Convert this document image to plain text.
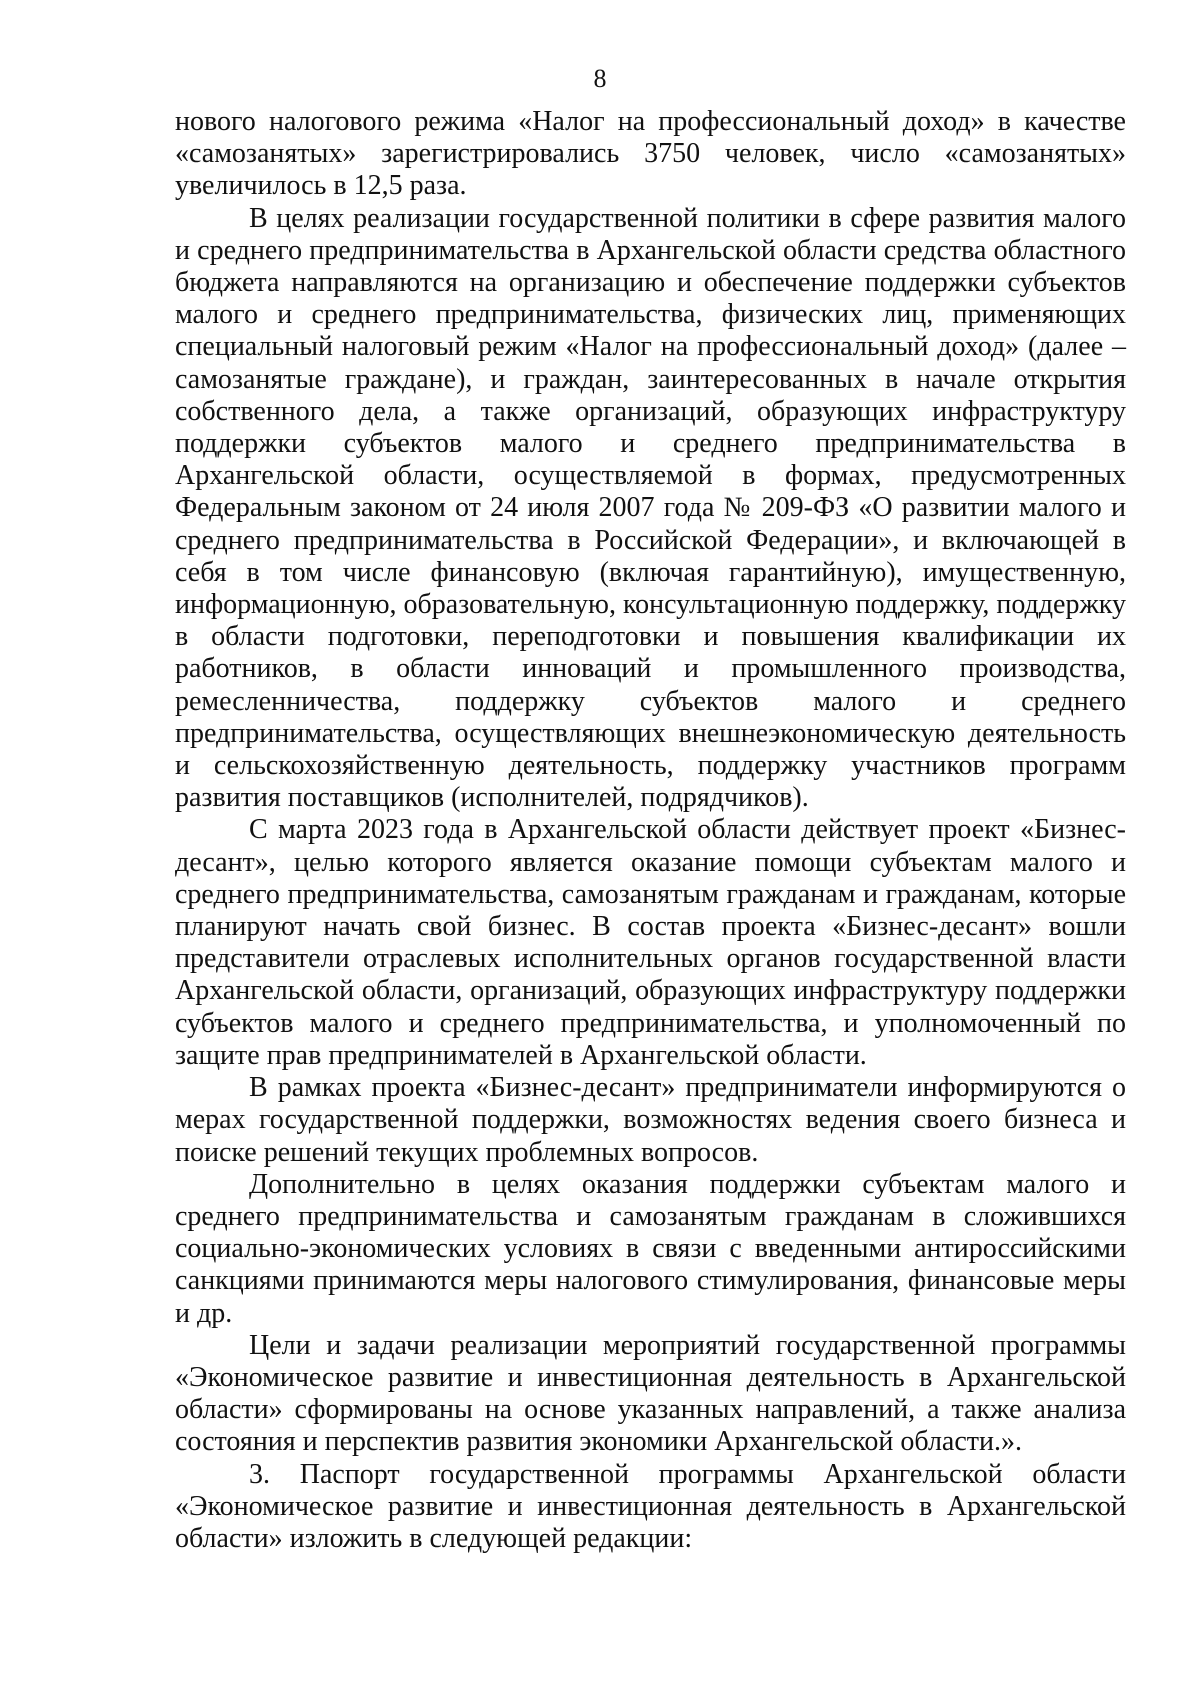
8

нового налогового режима «Налог на профессиональный доход» в качестве «самозанятых» зарегистрировались 3750 человек, число «самозанятых» увеличилось в 12,5 раза.

В целях реализации государственной политики в сфере развития малого и среднего предпринимательства в Архангельской области средства областного бюджета направляются на организацию и обеспечение поддержки субъектов малого и среднего предпринимательства, физических лиц, применяющих специальный налоговый режим «Налог на профессиональный доход» (далее – самозанятые граждане), и граждан, заинтересованных в начале открытия собственного дела, а также организаций, образующих инфраструктуру поддержки субъектов малого и среднего предпринимательства в Архангельской области, осуществляемой в формах, предусмотренных Федеральным законом от 24 июля 2007 года № 209-ФЗ «О развитии малого и среднего предпринимательства в Российской Федерации», и включающей в себя в том числе финансовую (включая гарантийную), имущественную, информационную, образовательную, консультационную поддержку, поддержку в области подготовки, переподготовки и повышения квалификации их работников, в области инноваций и промышленного производства, ремесленничества, поддержку субъектов малого и среднего предпринимательства, осуществляющих внешнеэкономическую деятельность и сельскохозяйственную деятельность, поддержку участников программ развития поставщиков (исполнителей, подрядчиков).

С марта 2023 года в Архангельской области действует проект «Бизнес-десант», целью которого является оказание помощи субъектам малого и среднего предпринимательства, самозанятым гражданам и гражданам, которые планируют начать свой бизнес. В состав проекта «Бизнес-десант» вошли представители отраслевых исполнительных органов государственной власти Архангельской области, организаций, образующих инфраструктуру поддержки субъектов малого и среднего предпринимательства, и уполномоченный по защите прав предпринимателей в Архангельской области.

В рамках проекта «Бизнес-десант» предприниматели информируются о мерах государственной поддержки, возможностях ведения своего бизнеса и поиске решений текущих проблемных вопросов.

Дополнительно в целях оказания поддержки субъектам малого и среднего предпринимательства и самозанятым гражданам в сложившихся социально-экономических условиях в связи с введенными антироссийскими санкциями принимаются меры налогового стимулирования, финансовые меры и др.

Цели и задачи реализации мероприятий государственной программы «Экономическое развитие и инвестиционная деятельность в Архангельской области» сформированы на основе указанных направлений, а также анализа состояния и перспектив развития экономики Архангельской области.».

3. Паспорт государственной программы Архангельской области «Экономическое развитие и инвестиционная деятельность в Архангельской области» изложить в следующей редакции:
